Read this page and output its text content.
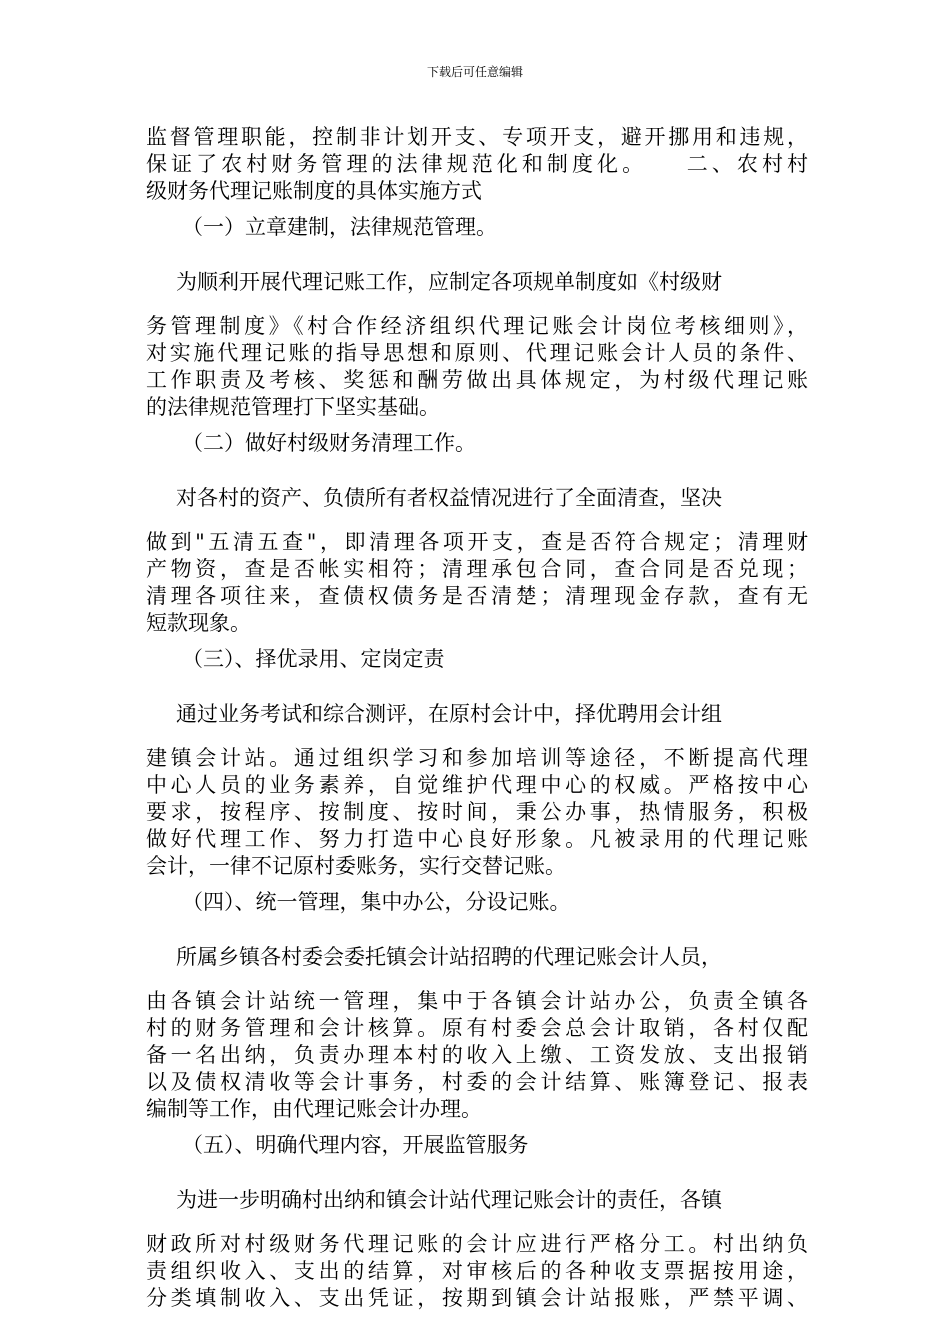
下载后可任意编辑
监督管理职能，控制非计划开支、专项开支，避开挪用和违规，
保证了农村财务管理的法律规范化和制度化。　　二、农村村
级财务代理记账制度的具体实施方式
（一）立章建制，法律规范管理。
为顺利开展代理记账工作，应制定各项规单制度如《村级财
务管理制度》《村合作经济组织代理记账会计岗位考核细则》，
对实施代理记账的指导思想和原则、代理记账会计人员的条件、
工作职责及考核、奖惩和酬劳做出具体规定，为村级代理记账
的法律规范管理打下坚实基础。
（二）做好村级财务清理工作。
对各村的资产、负债所有者权益情况进行了全面清查，坚决
做到"五清五查"，即清理各项开支，查是否符合规定；清理财
产物资，查是否帐实相符；清理承包合同，查合同是否兑现；
清理各项往来，查债权债务是否清楚；清理现金存款，查有无
短款现象。
（三）、择优录用、定岗定责
通过业务考试和综合测评，在原村会计中，择优聘用会计组
建镇会计站。通过组织学习和参加培训等途径，不断提高代理
中心人员的业务素养，自觉维护代理中心的权威。严格按中心
要求，按程序、按制度、按时间，秉公办事，热情服务，积极
做好代理工作、努力打造中心良好形象。凡被录用的代理记账
会计，一律不记原村委账务，实行交替记账。
（四）、统一管理，集中办公，分设记账。
所属乡镇各村委会委托镇会计站招聘的代理记账会计人员，
由各镇会计站统一管理，集中于各镇会计站办公，负责全镇各
村的财务管理和会计核算。原有村委会总会计取销，各村仅配
备一名出纳，负责办理本村的收入上缴、工资发放、支出报销
以及债权清收等会计事务，村委的会计结算、账簿登记、报表
编制等工作，由代理记账会计办理。
（五）、明确代理内容，开展监管服务
为进一步明确村出纳和镇会计站代理记账会计的责任，各镇
财政所对村级财务代理记账的会计应进行严格分工。村出纳负
责组织收入、支出的结算，对审核后的各种收支票据按用途，
分类填制收入、支出凭证，按期到镇会计站报账，严禁平调、
